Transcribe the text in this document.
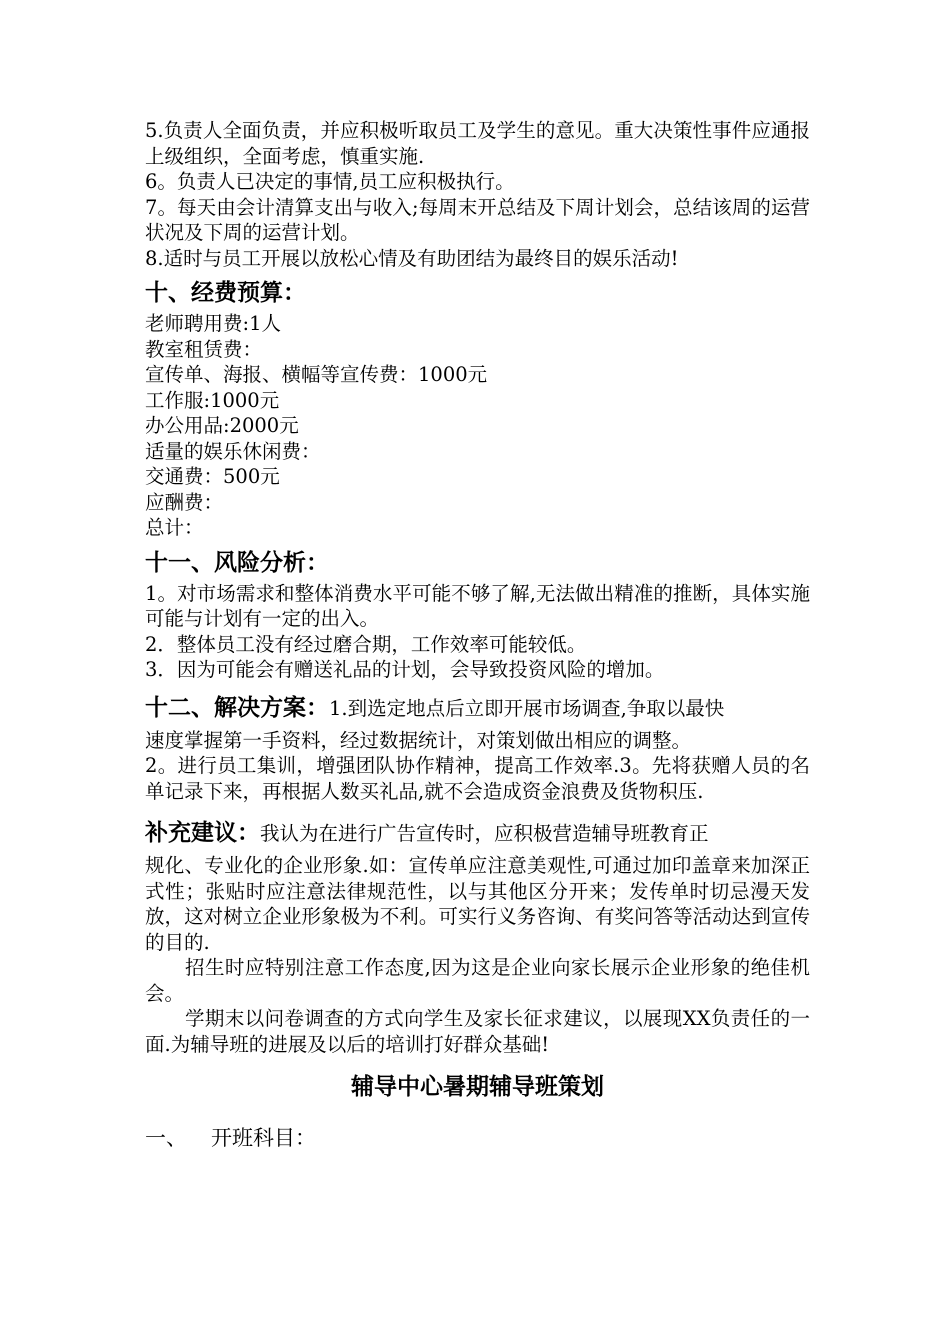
5.负责人全面负责，并应积极听取员工及学生的意见。重大决策性事件应通报上级组织，全面考虑，慎重实施.

6。负责人已决定的事情,员工应积极执行。

7。每天由会计清算支出与收入;每周末开总结及下周计划会，总结该周的运营状况及下周的运营计划。

8.适时与员工开展以放松心情及有助团结为最终目的娱乐活动!

十、经费预算：

老师聘用费:1人

教室租赁费：

宣传单、海报、横幅等宣传费：1000元

工作服:1000元

办公用品:2000元

适量的娱乐休闲费：

交通费：500元

应酬费：

总计：

十一、风险分析：

1。对市场需求和整体消费水平可能不够了解,无法做出精准的推断，具体实施可能与计划有一定的出入。

2．整体员工没有经过磨合期，工作效率可能较低。

3．因为可能会有赠送礼品的计划，会导致投资风险的增加。

十二、解决方案：1.到选定地点后立即开展市场调查,争取以最快

速度掌握第一手资料，经过数据统计，对策划做出相应的调整。

2。进行员工集训，增强团队协作精神，提高工作效率.3。先将获赠人员的名单记录下来，再根据人数买礼品,就不会造成资金浪费及货物积压.

补充建议：我认为在进行广告宣传时，应积极营造辅导班教育正

规化、专业化的企业形象.如：宣传单应注意美观性,可通过加印盖章来加深正式性；张贴时应注意法律规范性，以与其他区分开来；发传单时切忌漫天发放，这对树立企业形象极为不利。可实行义务咨询、有奖问答等活动达到宣传的目的.

招生时应特别注意工作态度,因为这是企业向家长展示企业形象的绝佳机会。

学期末以问卷调查的方式向学生及家长征求建议，以展现XX负责任的一面.为辅导班的进展及以后的培训打好群众基础!

辅导中心暑期辅导班策划
一、 开班科目：
